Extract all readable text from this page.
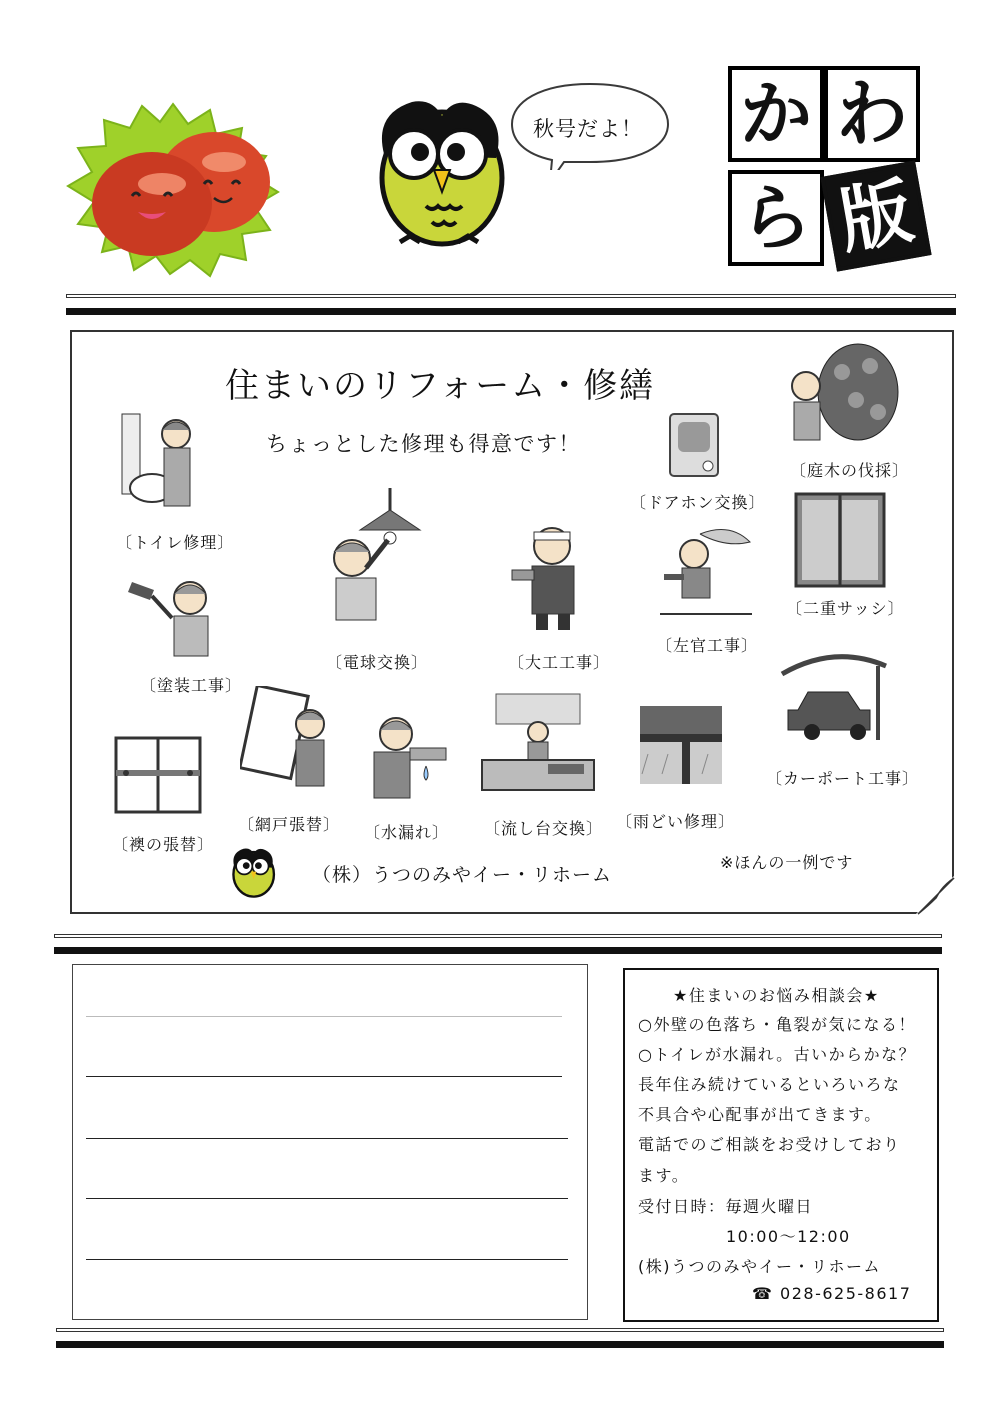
秋号だよ！ か わ
ら 版
住まいのリフォーム・修繕
ちょっとした修理も得意です！
〔トイレ修理〕
〔塗装工事〕
〔電球交換〕	〔大工工事〕
〔ドアホン交換〕
〔左官工事〕
〔庭木の伐採〕
〔二重サッシ〕
〔襖の張替〕
〔網戸張替〕 〔水漏れ〕 〔流し台交換〕 〔雨どい修理〕
〔カーポート工事〕
（株）うつのみやイー・リホーム
※ほんの一例です
★住まいのお悩み相談会★
○外壁の色落ち・亀裂が気になる！
○トイレが水漏れ。古いからかな？
長年住み続けているといろいろな
不具合や心配事が出てきます。
電話でのご相談をお受けしており
ます。
受付日時：毎週火曜日
10:00～12:00
(株)うつのみやイー・リホーム
☎ 028-625-8617
